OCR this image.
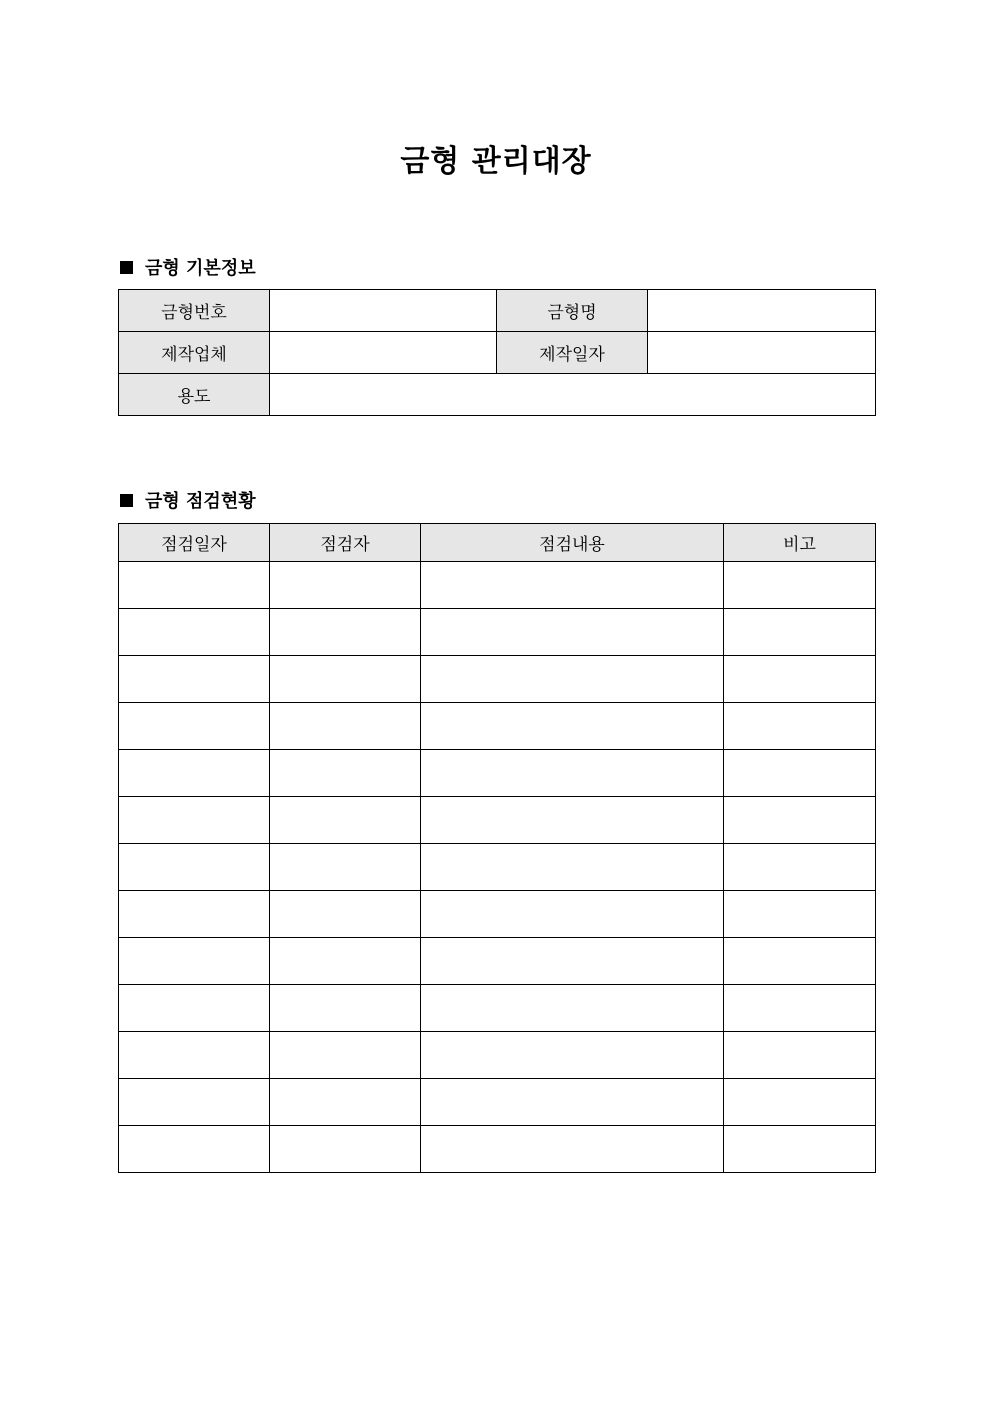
금형 관리대장
금형 기본정보
금형번호		금형명	
제작업체		제작일자	
용도			
금형 점검현황
점검일자	점검자	점검내용	비고
